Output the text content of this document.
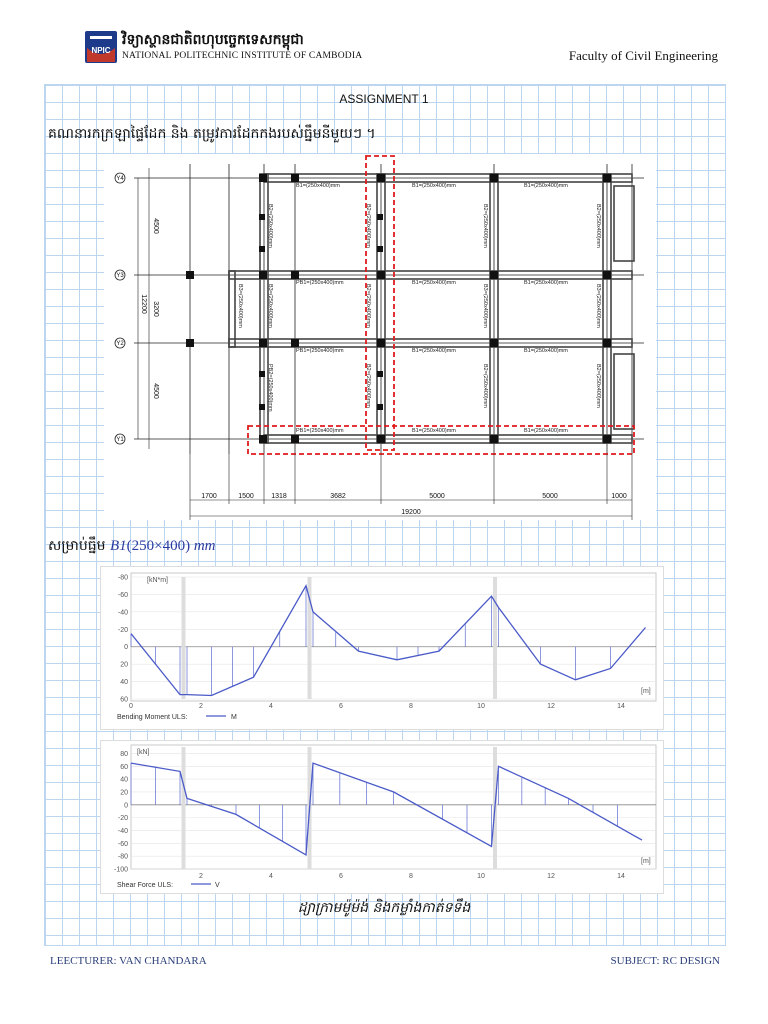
NPIC
វិទ្យាស្ថានជាតិពហុបច្ចេកទេសកម្ពុជា
NATIONAL POLITECHNIC INSTITUTE OF CAMBODIA	Faculty of Civil Engineering
ASSIGNMENT 1
គណនារកក្រឡាផ្ទៃដែក និង តម្រូវការដែកកងរបស់ធ្នឹមនីមួយៗ ។
Y4
Y3
Y2
Y1
4500
3200
4500
12200
B1=(250x400)mm	B1=(250x400)mm	B1=(250x400)mm
PB1=(250x400)mm	B1=(250x400)mm	B1=(250x400)mm
PB1=(250x400)mm	B1=(250x400)mm	B1=(250x400)mm
PB1=(250x400)mm	B1=(250x400)mm	B1=(250x400)mm
B2=(250x400)mm	B2=(250x400)mm	B2=(250x400)mm	B2=(250x400)mm
B3=(250x400)mm	B3=(250x400)mm	B2=(250x400)mm	B3=(250x400)mm	B3=(250x400)mm
PB2=(250x400)mm	B2=(250x400)mm	B2=(250x400)mm	B2=(250x400)mm
1700	1500 1318	3682	5000	5000	1000
19200
សម្រាប់ធ្នឹម B1(250×400) mm
-80
-60
-40
-20
0
20
40
60
0	2	4	6	8	10	12	14
[kN*m]
[m]
Bending Moment ULS:	M
80
60
40
20
0
-20
-40
-60
-80
-100
2	4	6	8	10	12	14
[kN]
[m]
Shear Force ULS:	V
ដ្យាក្រាមម៉ូម៉ង់ និងកម្លាំងកាត់ទទឹង
LEECTURER: VAN CHANDARA	SUBJECT: RC DESIGN
